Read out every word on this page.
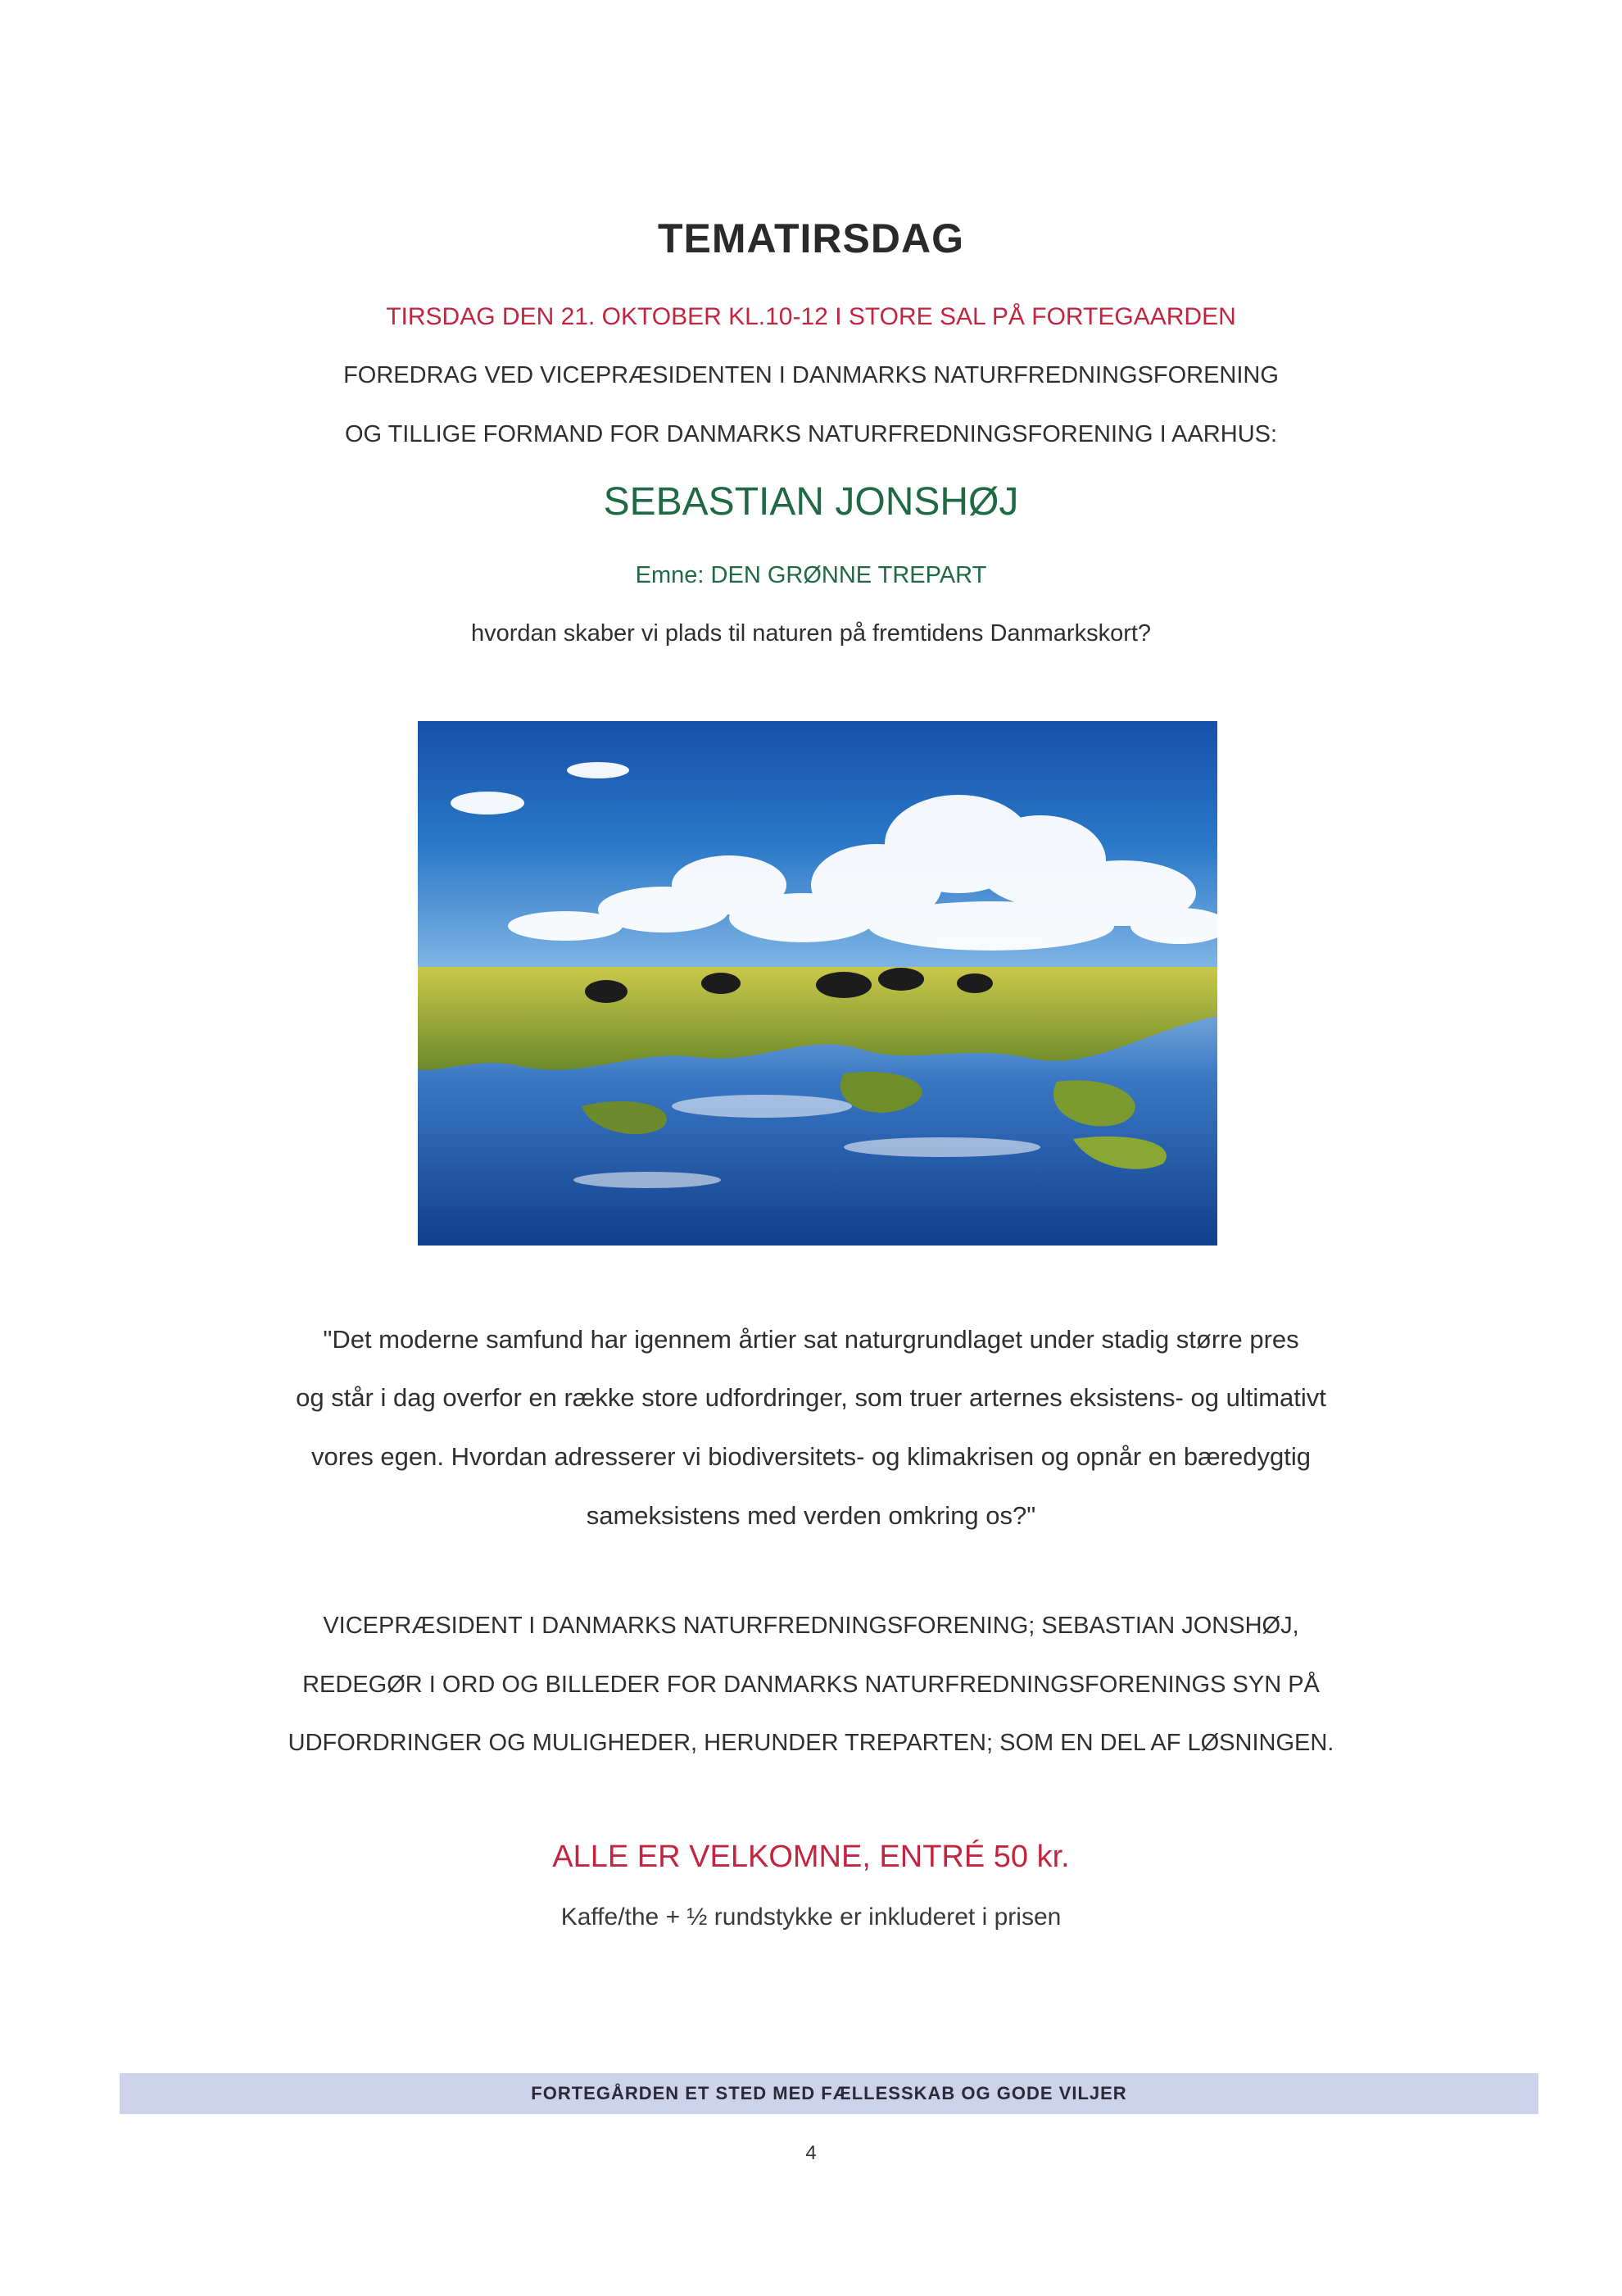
TEMATIRSDAG
TIRSDAG DEN 21. OKTOBER KL.10-12 I STORE SAL PÅ FORTEGAARDEN
FOREDRAG VED VICEPRÆSIDENTEN I DANMARKS NATURFREDNINGSFORENING
OG TILLIGE FORMAND FOR DANMARKS NATURFREDNINGSFORENING I AARHUS:
SEBASTIAN JONSHØJ
Emne: DEN GRØNNE TREPART
hvordan skaber vi plads til naturen på fremtidens Danmarkskort?
"Det moderne samfund har igennem årtier sat naturgrundlaget under stadig større pres
og står i dag overfor en række store udfordringer, som truer arternes eksistens- og ultimativt
vores egen. Hvordan adresserer vi biodiversitets- og klimakrisen og opnår en bæredygtig
sameksistens med verden omkring os?"
VICEPRÆSIDENT I DANMARKS NATURFREDNINGSFORENING; SEBASTIAN JONSHØJ,
REDEGØR I ORD OG BILLEDER FOR DANMARKS NATURFREDNINGSFORENINGS SYN PÅ
UDFORDRINGER OG MULIGHEDER, HERUNDER TREPARTEN; SOM EN DEL AF LØSNINGEN.
ALLE ER VELKOMNE, ENTRÉ 50 kr.
Kaffe/the + ½ rundstykke er inkluderet i prisen
FORTEGÅRDEN ET STED MED FÆLLESSKAB OG GODE VILJER
4
